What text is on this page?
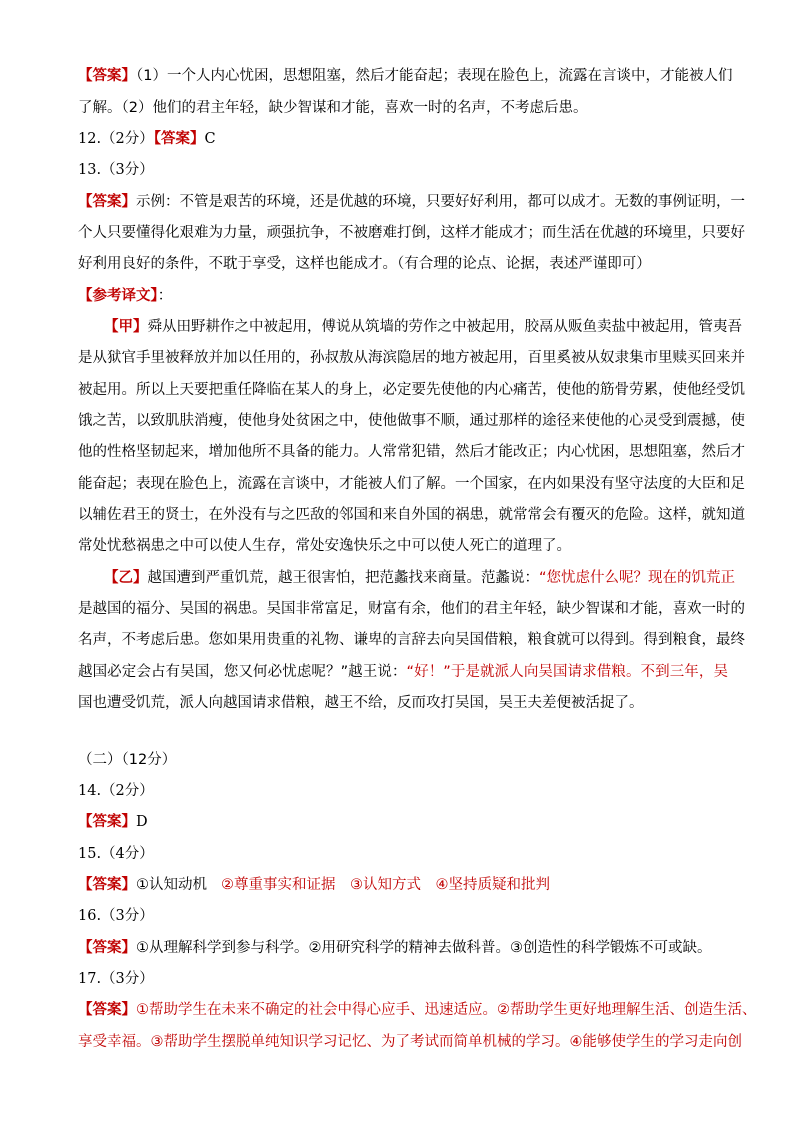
【答案】（1）一个人内心忧困，思想阻塞，然后才能奋起；表现在脸色上，流露在言谈中，才能被人们
了解。（2）他们的君主年轻，缺少智谋和才能，喜欢一时的名声，不考虑后患。
12.（2分）【答案】C
13.（3分）
【答案】示例：不管是艰苦的环境，还是优越的环境，只要好好利用，都可以成才。无数的事例证明，一
个人只要懂得化艰难为力量，顽强抗争，不被磨难打倒，这样才能成才；而生活在优越的环境里，只要好
好利用良好的条件，不耽于享受，这样也能成才。（有合理的论点、论据，表述严谨即可）
【参考译文】：
【甲】舜从田野耕作之中被起用，傅说从筑墙的劳作之中被起用，胶鬲从贩鱼卖盐中被起用，管夷吾
是从狱官手里被释放并加以任用的，孙叔敖从海滨隐居的地方被起用，百里奚被从奴隶集市里赎买回来并
被起用。所以上天要把重任降临在某人的身上，必定要先使他的内心痛苦，使他的筋骨劳累，使他经受饥
饿之苦，以致肌肤消瘦，使他身处贫困之中，使他做事不顺，通过那样的途径来使他的心灵受到震撼，使
他的性格坚韧起来，增加他所不具备的能力。人常常犯错，然后才能改正；内心忧困，思想阻塞，然后才
能奋起；表现在脸色上，流露在言谈中，才能被人们了解。一个国家，在内如果没有坚守法度的大臣和足
以辅佐君王的贤士，在外没有与之匹敌的邻国和来自外国的祸患，就常常会有覆灭的危险。这样，就知道
常处忧愁祸患之中可以使人生存，常处安逸快乐之中可以使人死亡的道理了。
【乙】越国遭到严重饥荒，越王很害怕，把范蠡找来商量。范蠡说：“您忧虑什么呢？现在的饥荒正
是越国的福分、吴国的祸患。吴国非常富足，财富有余，他们的君主年轻，缺少智谋和才能，喜欢一时的
名声，不考虑后患。您如果用贵重的礼物、谦卑的言辞去向吴国借粮，粮食就可以得到。得到粮食，最终
越国必定会占有吴国，您又何必忧虑呢？”越王说：“好！”于是就派人向吴国请求借粮。不到三年，吴
国也遭受饥荒，派人向越国请求借粮，越王不给，反而攻打吴国，吴王夫差便被活捉了。
（二）（12分）
14.（2分）
【答案】D
15.（4分）
【答案】①认知动机 ②尊重事实和证据　③认知方式　④坚持质疑和批判
16.（3分）
【答案】①从理解科学到参与科学。②用研究科学的精神去做科普。③创造性的科学锻炼不可或缺。
17.（3分）
【答案】①帮助学生在未来不确定的社会中得心应手、迅速适应。②帮助学生更好地理解生活、创造生活、
享受幸福。③帮助学生摆脱单纯知识学习记忆、为了考试而简单机械的学习。④能够使学生的学习走向创
